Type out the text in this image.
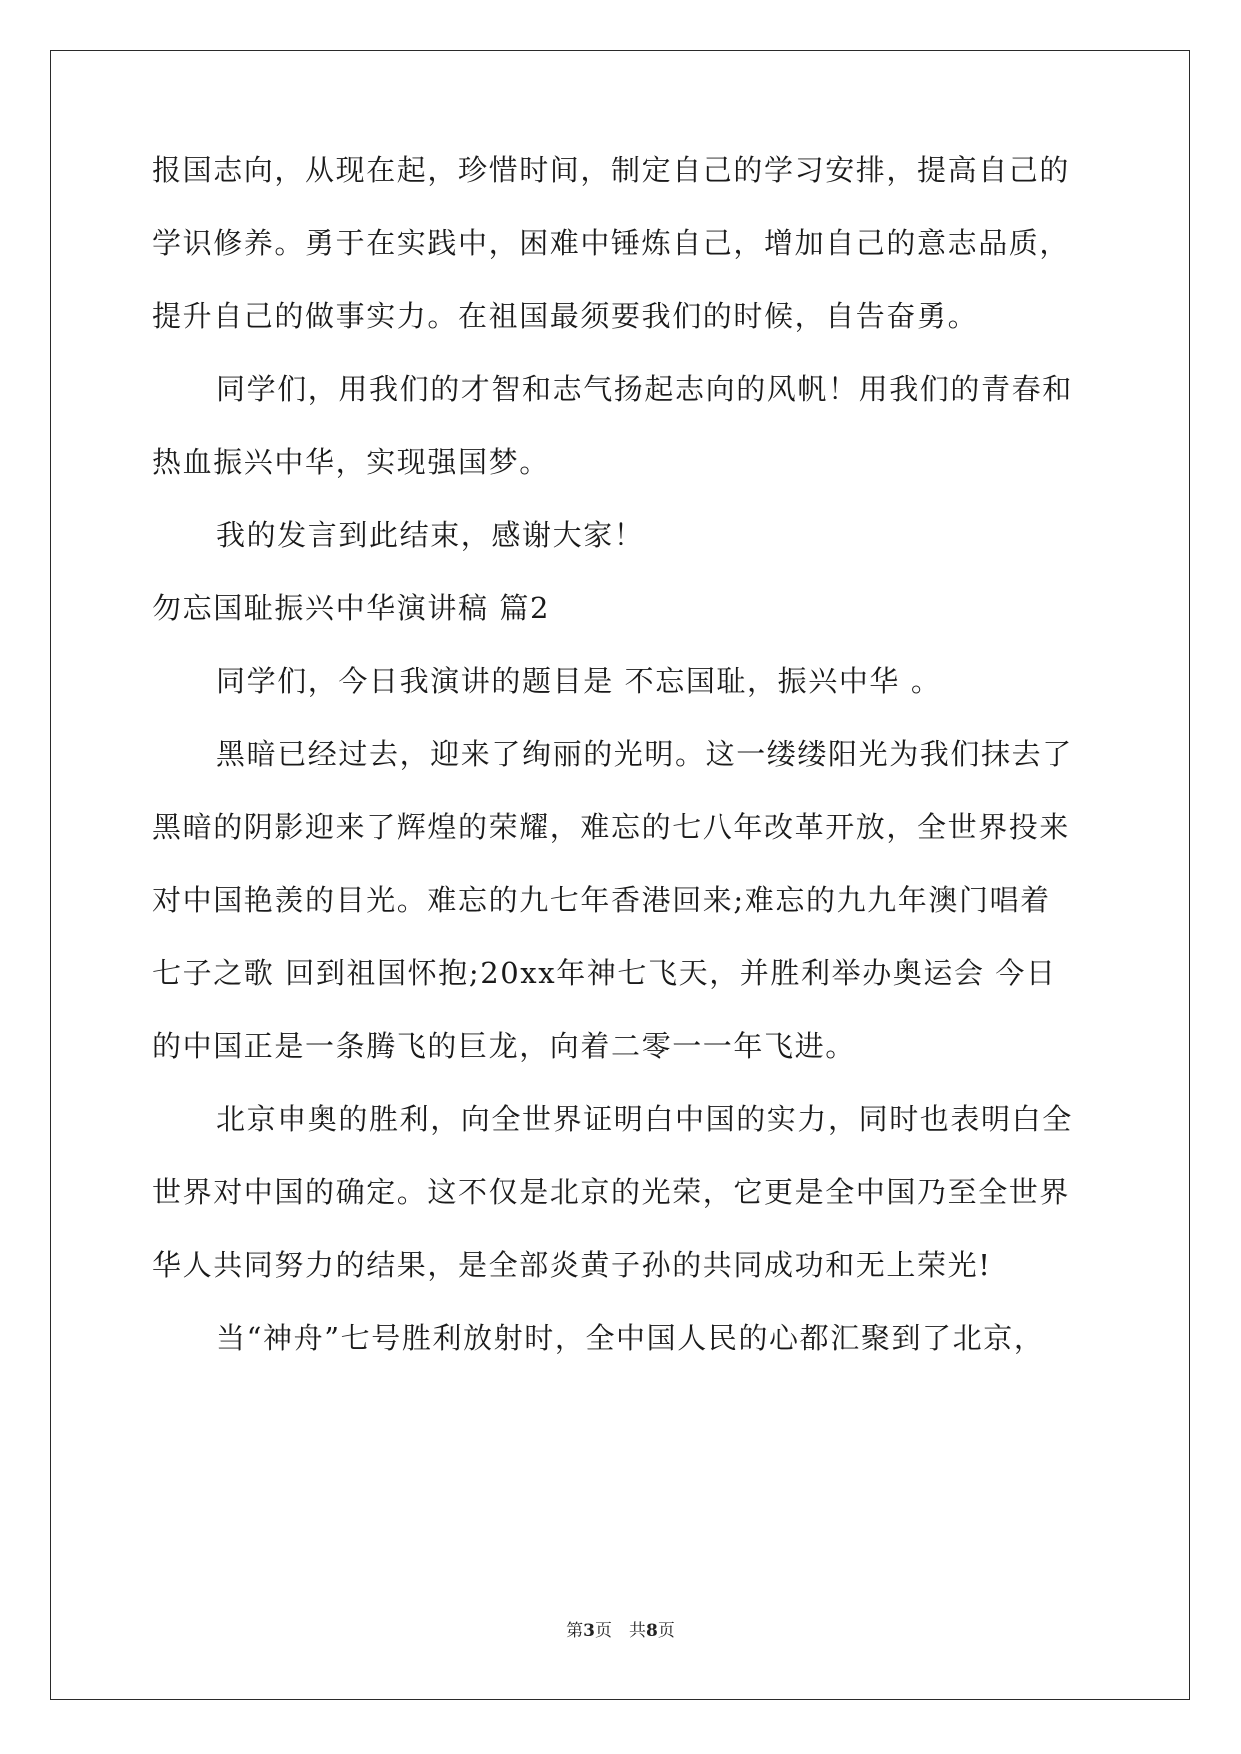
报国志向，从现在起，珍惜时间，制定自己的学习安排，提高自己的
学识修养。勇于在实践中，困难中锤炼自己，增加自己的意志品质，
提升自己的做事实力。在祖国最须要我们的时候，自告奋勇。
同学们，用我们的才智和志气扬起志向的风帆！用我们的青春和
热血振兴中华，实现强国梦。
我的发言到此结束，感谢大家！
勿忘国耻振兴中华演讲稿 篇2
同学们，今日我演讲的题目是 不忘国耻，振兴中华 。
黑暗已经过去，迎来了绚丽的光明。这一缕缕阳光为我们抹去了
黑暗的阴影迎来了辉煌的荣耀，难忘的七八年改革开放，全世界投来
对中国艳羡的目光。难忘的九七年香港回来;难忘的九九年澳门唱着
七子之歌 回到祖国怀抱;20xx年神七飞天，并胜利举办奥运会 今日
的中国正是一条腾飞的巨龙，向着二零一一年飞进。
北京申奥的胜利，向全世界证明白中国的实力，同时也表明白全
世界对中国的确定。这不仅是北京的光荣，它更是全中国乃至全世界
华人共同努力的结果，是全部炎黄子孙的共同成功和无上荣光!
当“神舟”七号胜利放射时，全中国人民的心都汇聚到了北京，
第3页　共8页
